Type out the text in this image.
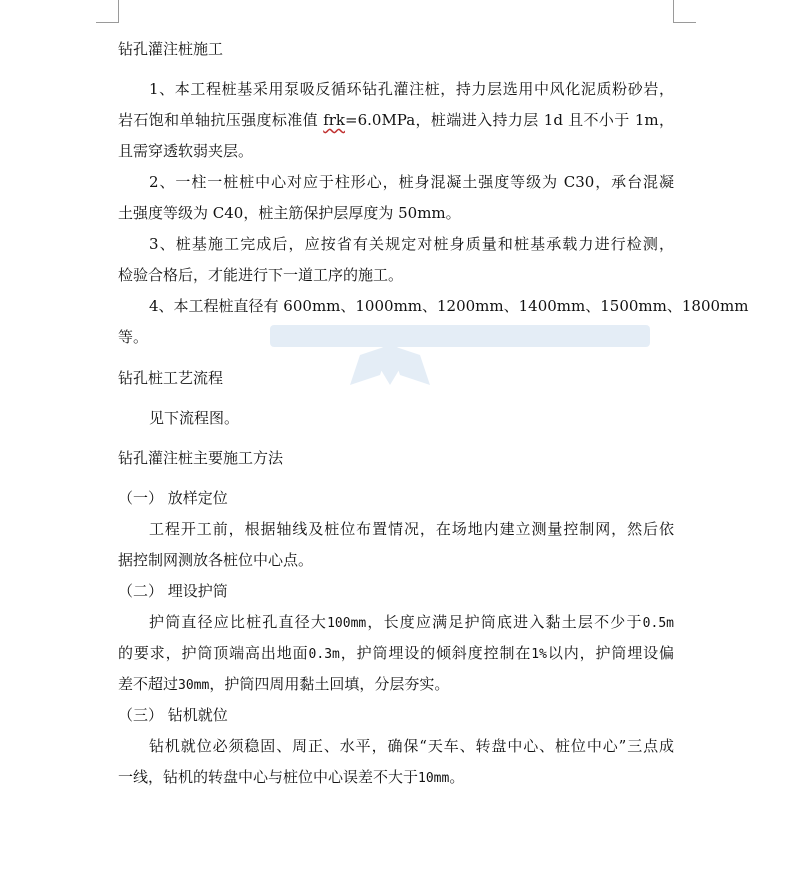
钻孔灌注桩施工
1、本工程桩基采用泵吸反循环钻孔灌注桩，持力层选用中风化泥质粉砂岩，
岩石饱和单轴抗压强度标准值 frk=6.0MPa，桩端进入持力层 1d 且不小于 1m，
且需穿透软弱夹层。
2、一柱一桩桩中心对应于柱形心，桩身混凝土强度等级为 C30，承台混凝
土强度等级为 C40，桩主筋保护层厚度为 50mm。
3、桩基施工完成后，应按省有关规定对桩身质量和桩基承载力进行检测，
检验合格后，才能进行下一道工序的施工。
4、本工程桩直径有 600mm、1000mm、1200mm、1400mm、1500mm、1800mm
等。
钻孔桩工艺流程
见下流程图。
钻孔灌注桩主要施工方法
（一） 放样定位
工程开工前，根据轴线及桩位布置情况，在场地内建立测量控制网，然后依
据控制网测放各桩位中心点。
（二） 埋设护筒
护筒直径应比桩孔直径大100mm，长度应满足护筒底进入黏土层不少于0.5m
的要求，护筒顶端高出地面0.3m，护筒埋设的倾斜度控制在1%以内，护筒埋设偏
差不超过30mm，护筒四周用黏土回填，分层夯实。
（三） 钻机就位
钻机就位必须稳固、周正、水平，确保“天车、转盘中心、桩位中心”三点成
一线，钻机的转盘中心与桩位中心误差不大于10mm。
